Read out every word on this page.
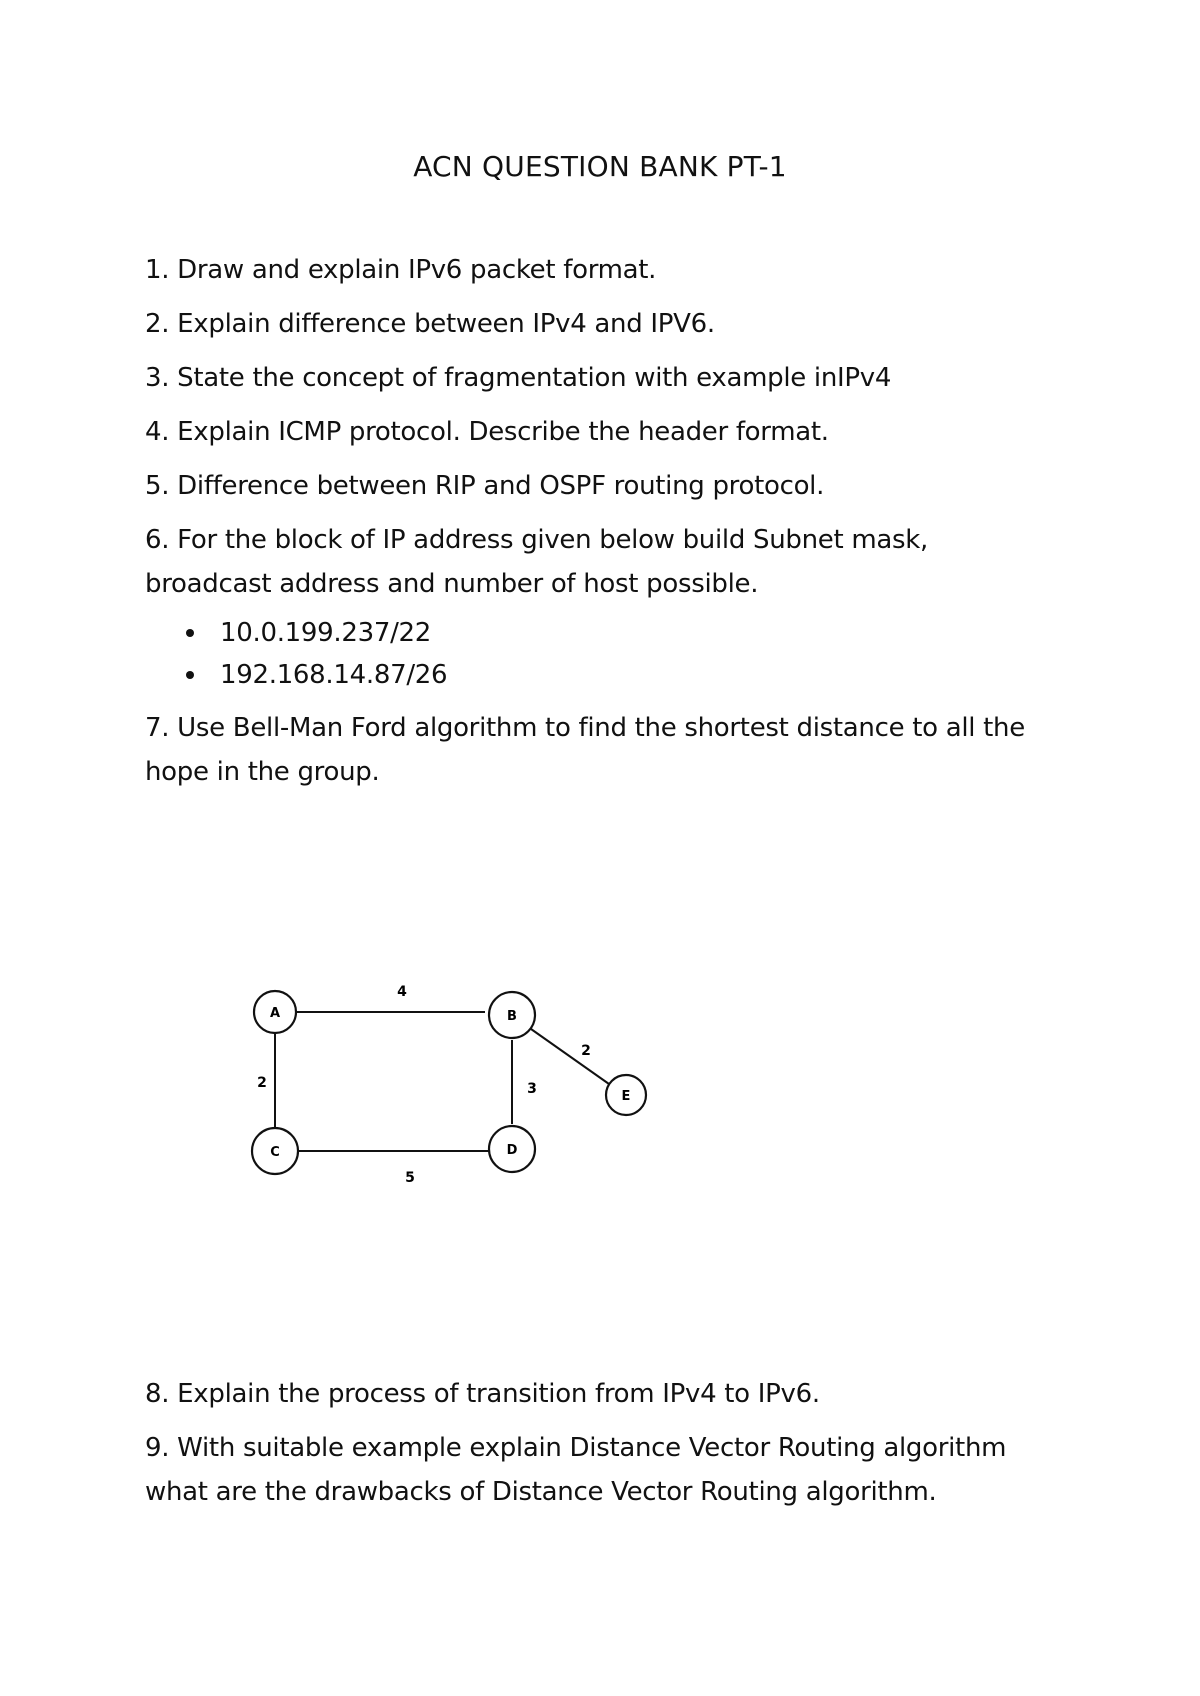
ACN QUESTION BANK PT-1
1. Draw and explain IPv6 packet format.
2. Explain difference between IPv4 and IPV6.
3. State the concept of fragmentation with example inIPv4
4. Explain ICMP protocol. Describe the header format.
5. Difference between RIP and OSPF routing protocol.
6. For the block of IP address given below build Subnet mask,
broadcast address and number of host possible.
10.0.199.237/22
192.168.14.87/26
7. Use Bell-Man Ford algorithm to find the shortest distance to all the
hope in the group.
4
2	3
5
2
A	B
C	D
E
8. Explain the process of transition from IPv4 to IPv6.
9. With suitable example explain Distance Vector Routing algorithm
what are the drawbacks of Distance Vector Routing algorithm.
